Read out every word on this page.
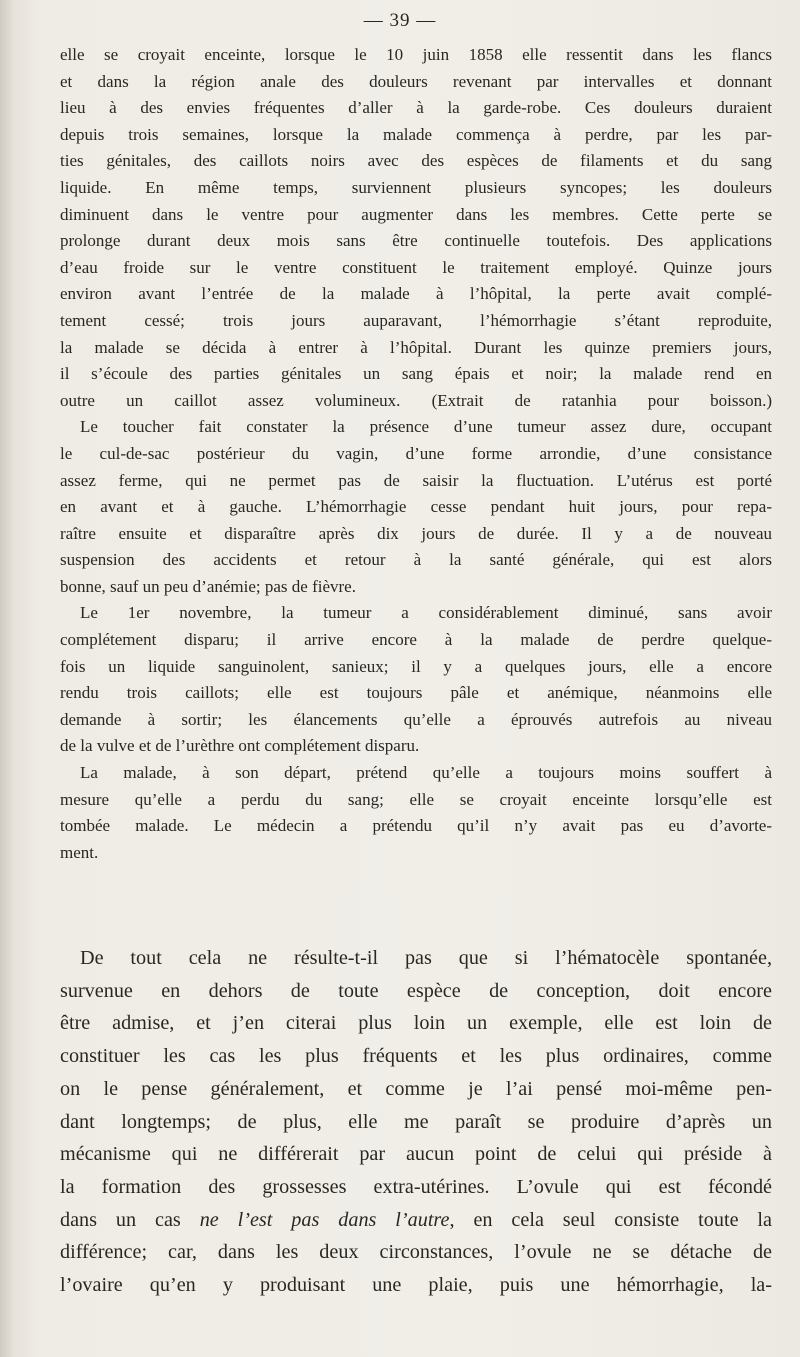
— 39 —
elle se croyait enceinte, lorsque le 10 juin 1858 elle ressentit dans les flancs
et dans la région anale des douleurs revenant par intervalles et donnant
lieu à des envies fréquentes d’aller à la garde-robe. Ces douleurs duraient
depuis trois semaines, lorsque la malade commença à perdre, par les par-
ties génitales, des caillots noirs avec des espèces de filaments et du sang
liquide. En même temps, surviennent plusieurs syncopes; les douleurs
diminuent dans le ventre pour augmenter dans les membres. Cette perte se
prolonge durant deux mois sans être continuelle toutefois. Des applications
d’eau froide sur le ventre constituent le traitement employé. Quinze jours
environ avant l’entrée de la malade à l’hôpital, la perte avait complé-
tement cessé; trois jours auparavant, l’hémorrhagie s’étant reproduite,
la malade se décida à entrer à l’hôpital. Durant les quinze premiers jours,
il s’écoule des parties génitales un sang épais et noir; la malade rend en
outre un caillot assez volumineux. (Extrait de ratanhia pour boisson.)
Le toucher fait constater la présence d’une tumeur assez dure, occupant
le cul-de-sac postérieur du vagin, d’une forme arrondie, d’une consistance
assez ferme, qui ne permet pas de saisir la fluctuation. L’utérus est porté
en avant et à gauche. L’hémorrhagie cesse pendant huit jours, pour repa-
raître ensuite et disparaître après dix jours de durée. Il y a de nouveau
suspension des accidents et retour à la santé générale, qui est alors
bonne, sauf un peu d’anémie; pas de fièvre.
Le 1er novembre, la tumeur a considérablement diminué, sans avoir
complétement disparu; il arrive encore à la malade de perdre quelque-
fois un liquide sanguinolent, sanieux; il y a quelques jours, elle a encore
rendu trois caillots; elle est toujours pâle et anémique, néanmoins elle
demande à sortir; les élancements qu’elle a éprouvés autrefois au niveau
de la vulve et de l’urèthre ont complétement disparu.
La malade, à son départ, prétend qu’elle a toujours moins souffert à
mesure qu’elle a perdu du sang; elle se croyait enceinte lorsqu’elle est
tombée malade. Le médecin a prétendu qu’il n’y avait pas eu d’avorte-
ment.
De tout cela ne résulte-t-il pas que si l’hématocèle spontanée,
survenue en dehors de toute espèce de conception, doit encore
être admise, et j’en citerai plus loin un exemple, elle est loin de
constituer les cas les plus fréquents et les plus ordinaires, comme
on le pense généralement, et comme je l’ai pensé moi-même pen-
dant longtemps; de plus, elle me paraît se produire d’après un
mécanisme qui ne différerait par aucun point de celui qui préside à
la formation des grossesses extra-utérines. L’ovule qui est fécondé
dans un cas ne l’est pas dans l’autre, en cela seul consiste toute la
différence; car, dans les deux circonstances, l’ovule ne se détache de
l’ovaire qu’en y produisant une plaie, puis une hémorrhagie, la-
